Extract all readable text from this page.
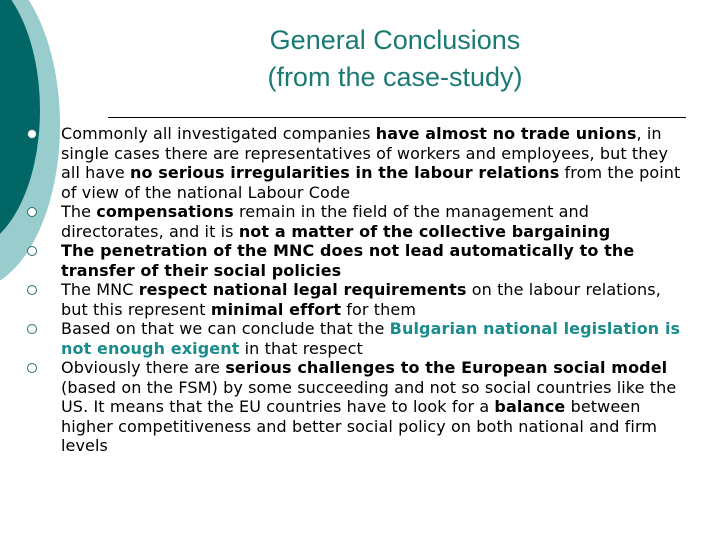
General Conclusions
(from the case-study)
Commonly all investigated companies have almost no trade unions, in single cases there are representatives of workers and employees, but they all have no serious irregularities in the labour relations from the point of view of the national Labour Code
The compensations remain in the field of the management and directorates, and it is not a matter of the collective bargaining
The penetration of the MNC does not lead automatically to the transfer of their social policies
The MNC respect national legal requirements on the labour relations, but this represent minimal effort for them
Based on that we can conclude that the Bulgarian national legislation is not enough exigent in that respect
Obviously there are serious challenges to the European social model (based on the FSM) by some succeeding and not so social countries like the US. It means that the EU countries have to look for a balance between higher competitiveness and better social policy on both national and firm levels
